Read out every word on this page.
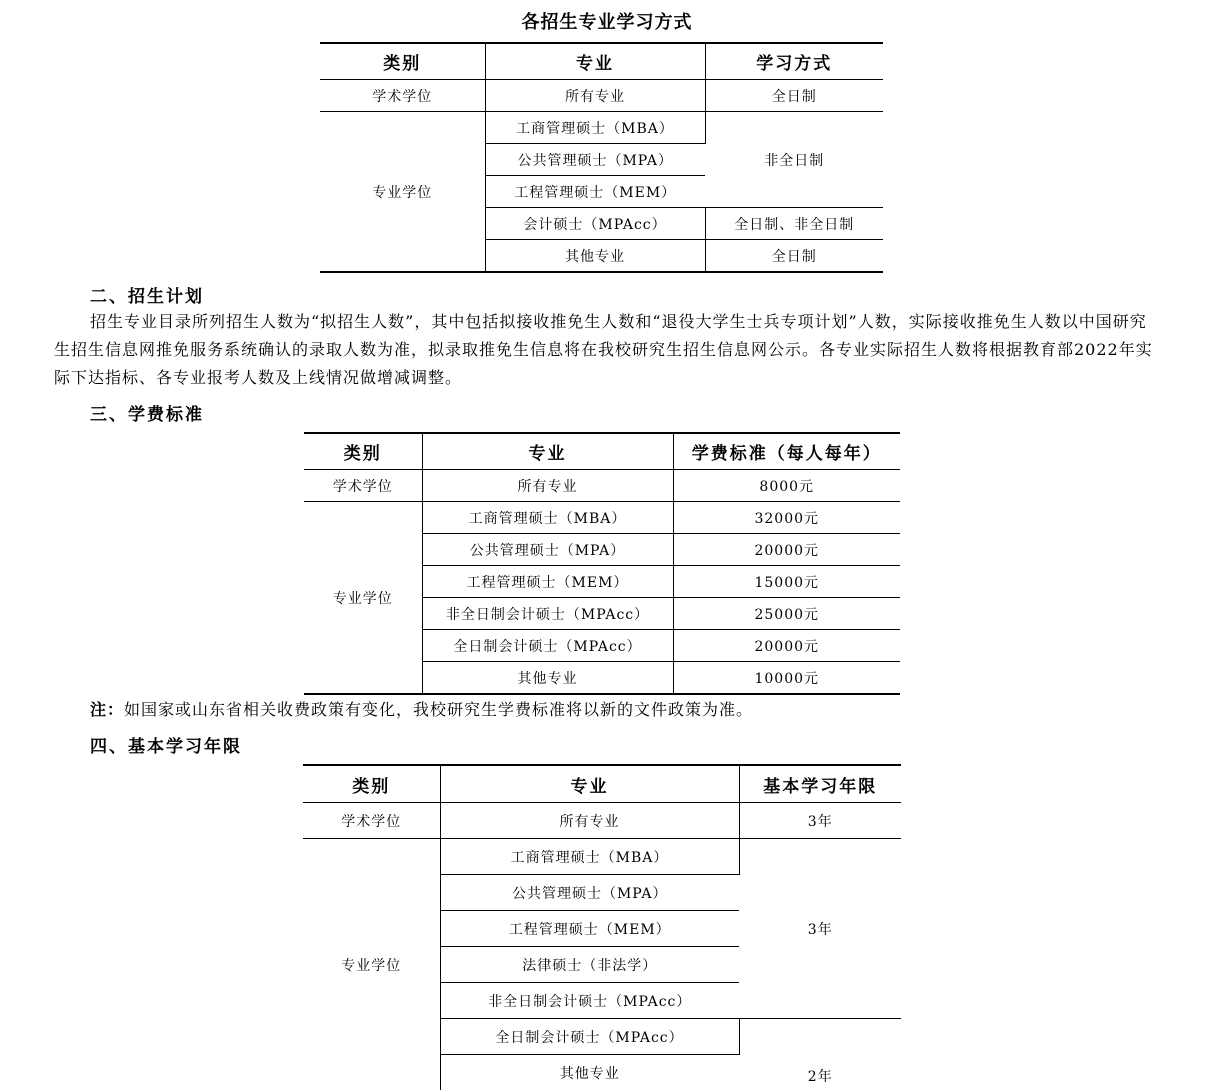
各招生专业学习方式
类别	专业	学习方式
学术学位	所有专业	全日制
专业学位	工商管理硕士（MBA）	非全日制
	公共管理硕士（MPA）	
	工程管理硕士（MEM）	
	会计硕士（MPAcc）	全日制、非全日制
	其他专业	全日制
二、招生计划
招生专业目录所列招生人数为“拟招生人数”，其中包括拟接收推免生人数和“退役大学生士兵专项计划”人数，实际接收推免生人数以中国研究生招生信息网推免服务系统确认的录取人数为准，拟录取推免生信息将在我校研究生招生信息网公示。各专业实际招生人数将根据教育部2022年实际下达指标、各专业报考人数及上线情况做增减调整。
三、学费标准
类别	专业	学费标准（每人每年）
学术学位	所有专业	8000元
专业学位	工商管理硕士（MBA）	32000元
	公共管理硕士（MPA）	20000元
	工程管理硕士（MEM）	15000元
	非全日制会计硕士（MPAcc）	25000元
	全日制会计硕士（MPAcc）	20000元
	其他专业	10000元
注：如国家或山东省相关收费政策有变化，我校研究生学费标准将以新的文件政策为准。
四、基本学习年限
类别	专业	基本学习年限
学术学位	所有专业	3年
专业学位	工商管理硕士（MBA）	3年
	公共管理硕士（MPA）	
	工程管理硕士（MEM）	
	法律硕士（非法学）	
	非全日制会计硕士（MPAcc）	
	全日制会计硕士（MPAcc）	2年
	其他专业	
